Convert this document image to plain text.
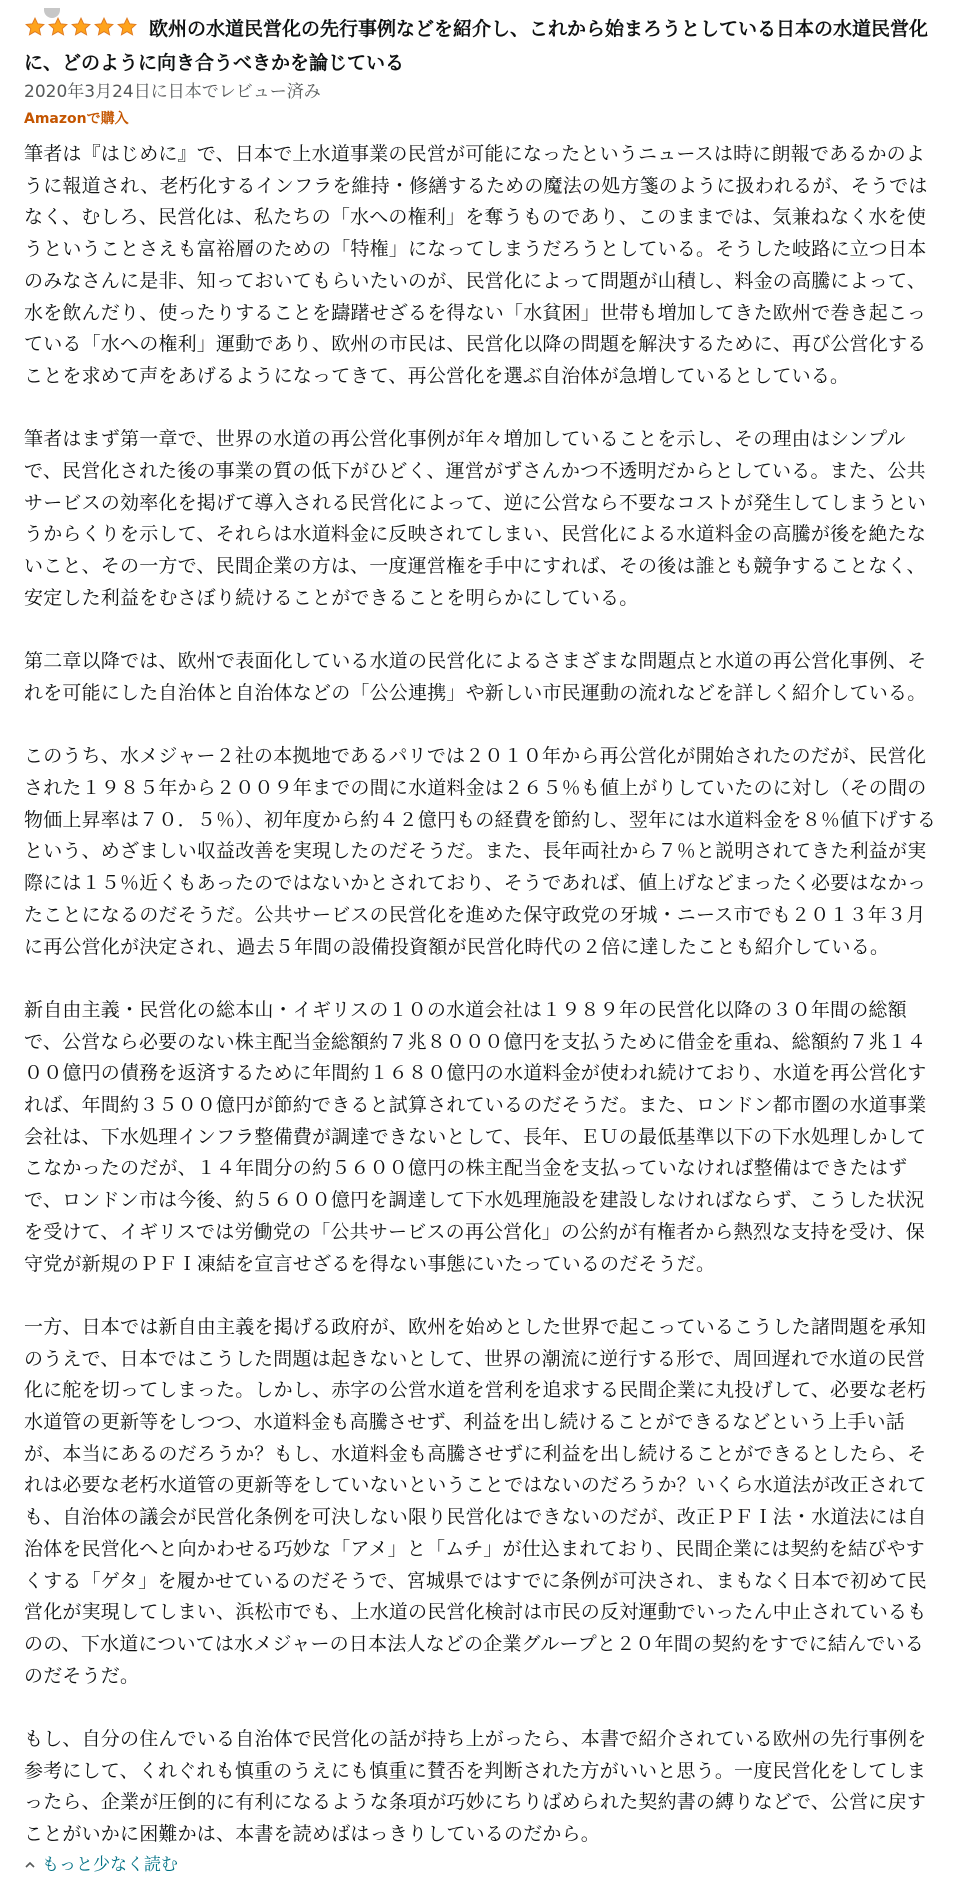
欧州の水道民営化の先行事例などを紹介し、これから始まろうとしている日本の水道民営化に、どのように向き合うべきかを論じている
2020年3月24日に日本でレビュー済み
Amazonで購入

筆者は『はじめに』で、日本で上水道事業の民営が可能になったというニュースは時に朗報であるかのように報道され、老朽化するインフラを維持・修繕するための魔法の処方箋のように扱われるが、そうではなく、むしろ、民営化は、私たちの「水への権利」を奪うものであり、このままでは、気兼ねなく水を使うということさえも富裕層のための「特権」になってしまうだろうとしている。そうした岐路に立つ日本のみなさんに是非、知っておいてもらいたいのが、民営化によって問題が山積し、料金の高騰によって、水を飲んだり、使ったりすることを躊躇せざるを得ない「水貧困」世帯も増加してきた欧州で巻き起こっている「水への権利」運動であり、欧州の市民は、民営化以降の問題を解決するために、再び公営化することを求めて声をあげるようになってきて、再公営化を選ぶ自治体が急増しているとしている。

筆者はまず第一章で、世界の水道の再公営化事例が年々増加していることを示し、その理由はシンプルで、民営化された後の事業の質の低下がひどく、運営がずさんかつ不透明だからとしている。また、公共サービスの効率化を掲げて導入される民営化によって、逆に公営なら不要なコストが発生してしまうというからくりを示して、それらは水道料金に反映されてしまい、民営化による水道料金の高騰が後を絶たないこと、その一方で、民間企業の方は、一度運営権を手中にすれば、その後は誰とも競争することなく、安定した利益をむさぼり続けることができることを明らかにしている。

第二章以降では、欧州で表面化している水道の民営化によるさまざまな問題点と水道の再公営化事例、それを可能にした自治体と自治体などの「公公連携」や新しい市民運動の流れなどを詳しく紹介している。

このうち、水メジャー２社の本拠地であるパリでは２０１０年から再公営化が開始されたのだが、民営化された１９８５年から２００９年までの間に水道料金は２６５％も値上がりしていたのに対し（その間の物価上昇率は７０．５％）、初年度から約４２億円もの経費を節約し、翌年には水道料金を８％値下げするという、めざましい収益改善を実現したのだそうだ。また、長年両社から７％と説明されてきた利益が実際には１５％近くもあったのではないかとされており、そうであれば、値上げなどまったく必要はなかったことになるのだそうだ。公共サービスの民営化を進めた保守政党の牙城・ニース市でも２０１３年３月に再公営化が決定され、過去５年間の設備投資額が民営化時代の２倍に達したことも紹介している。

新自由主義・民営化の総本山・イギリスの１０の水道会社は１９８９年の民営化以降の３０年間の総額で、公営なら必要のない株主配当金総額約７兆８０００億円を支払うために借金を重ね、総額約７兆１４００億円の債務を返済するために年間約１６８０億円の水道料金が使われ続けており、水道を再公営化すれば、年間約３５００億円が節約できると試算されているのだそうだ。また、ロンドン都市圏の水道事業会社は、下水処理インフラ整備費が調達できないとして、長年、ＥＵの最低基準以下の下水処理しかしてこなかったのだが、１４年間分の約５６００億円の株主配当金を支払っていなければ整備はできたはずで、ロンドン市は今後、約５６００億円を調達して下水処理施設を建設しなければならず、こうした状況を受けて、イギリスでは労働党の「公共サービスの再公営化」の公約が有権者から熱烈な支持を受け、保守党が新規のＰＦＩ凍結を宣言せざるを得ない事態にいたっているのだそうだ。

一方、日本では新自由主義を掲げる政府が、欧州を始めとした世界で起こっているこうした諸問題を承知のうえで、日本ではこうした問題は起きないとして、世界の潮流に逆行する形で、周回遅れで水道の民営化に舵を切ってしまった。しかし、赤字の公営水道を営利を追求する民間企業に丸投げして、必要な老朽水道管の更新等をしつつ、水道料金も高騰させず、利益を出し続けることができるなどという上手い話が、本当にあるのだろうか？もし、水道料金も高騰させずに利益を出し続けることができるとしたら、それは必要な老朽水道管の更新等をしていないということではないのだろうか？いくら水道法が改正されても、自治体の議会が民営化条例を可決しない限り民営化はできないのだが、改正ＰＦＩ法・水道法には自治体を民営化へと向かわせる巧妙な「アメ」と「ムチ」が仕込まれており、民間企業には契約を結びやすくする「ゲタ」を履かせているのだそうで、宮城県ではすでに条例が可決され、まもなく日本で初めて民営化が実現してしまい、浜松市でも、上水道の民営化検討は市民の反対運動でいったん中止されているものの、下水道については水メジャーの日本法人などの企業グループと２０年間の契約をすでに結んでいるのだそうだ。

もし、自分の住んでいる自治体で民営化の話が持ち上がったら、本書で紹介されている欧州の先行事例を参考にして、くれぐれも慎重のうえにも慎重に賛否を判断された方がいいと思う。一度民営化をしてしまったら、企業が圧倒的に有利になるような条項が巧妙にちりばめられた契約書の縛りなどで、公営に戻すことがいかに困難かは、本書を読めばはっきりしているのだから。

もっと少なく読む
